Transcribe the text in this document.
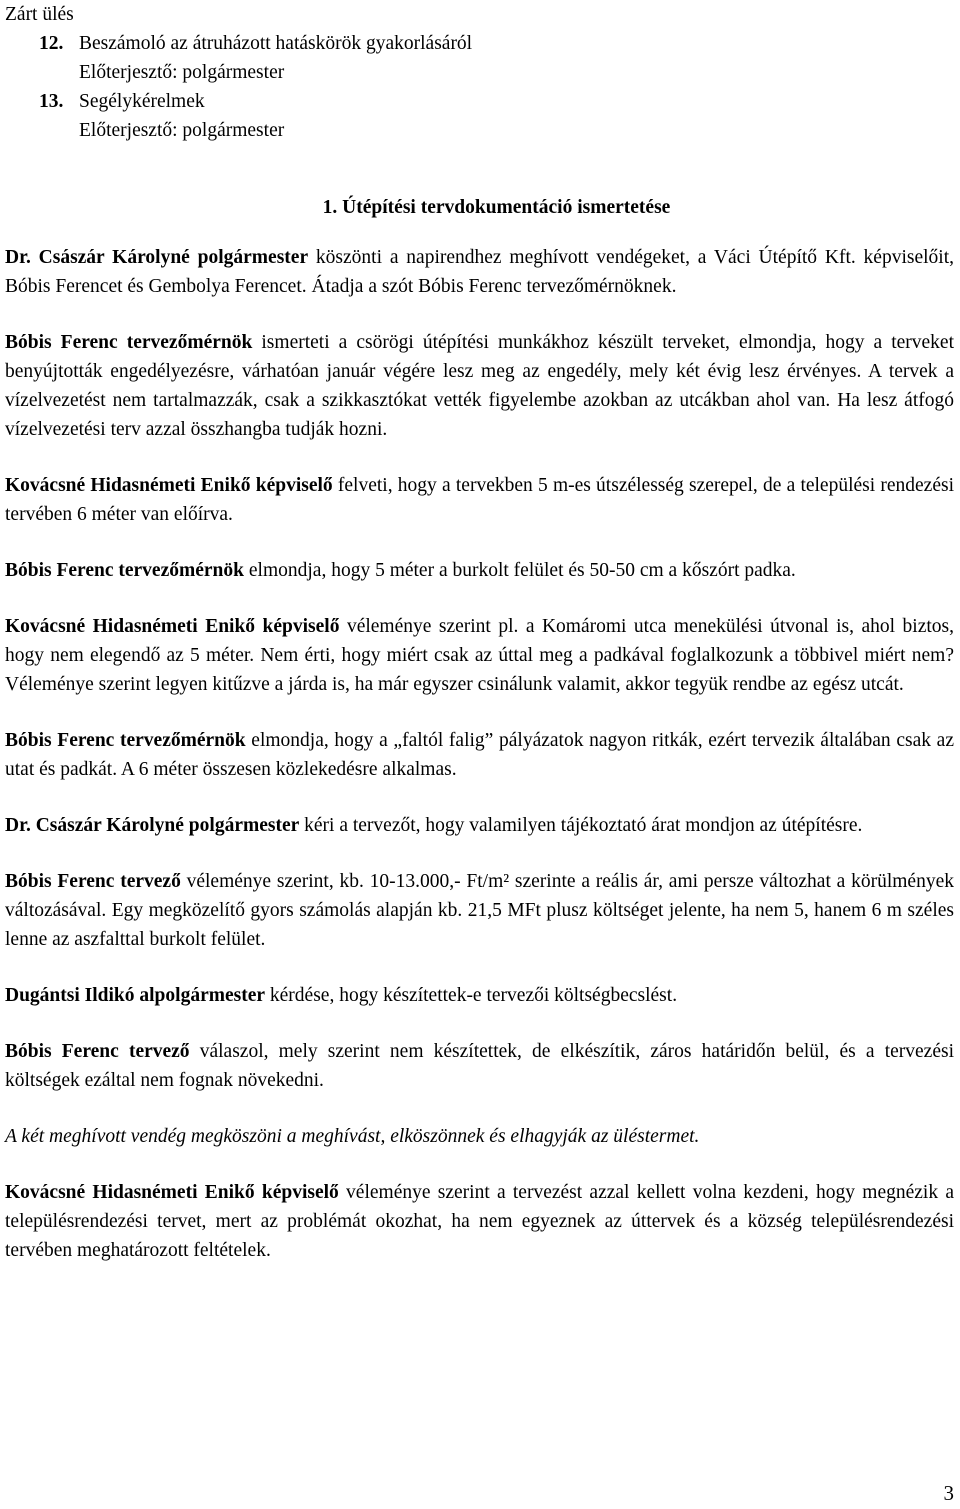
Zárt ülés

12. Beszámoló az átruházott hatáskörök gyakorlásáról

Előterjesztő: polgármester

13. Segélykérelmek

Előterjesztő: polgármester

1. Útépítési tervdokumentáció ismertetése

Dr. Császár Károlyné polgármester köszönti a napirendhez meghívott vendégeket, a Váci Útépítő Kft. képviselőit, Bóbis Ferencet és Gembolya Ferencet. Átadja a szót Bóbis Ferenc tervezőmérnöknek.

Bóbis Ferenc tervezőmérnök ismerteti a csörögi útépítési munkákhoz készült terveket, elmondja, hogy a terveket benyújtották engedélyezésre, várhatóan január végére lesz meg az engedély, mely két évig lesz érvényes. A tervek a vízelvezetést nem tartalmazzák, csak a szikkasztókat vették figyelembe azokban az utcákban ahol van. Ha lesz átfogó vízelvezetési terv azzal összhangba tudják hozni.

Kovácsné Hidasnémeti Enikő képviselő felveti, hogy a tervekben 5 m-es útszélesség szerepel, de a települési rendezési tervében 6 méter van előírva.

Bóbis Ferenc tervezőmérnök elmondja, hogy 5 méter a burkolt felület és 50-50 cm a kőszórt padka.

Kovácsné Hidasnémeti Enikő képviselő véleménye szerint pl. a Komáromi utca menekülési útvonal is, ahol biztos, hogy nem elegendő az 5 méter. Nem érti, hogy miért csak az úttal meg a padkával foglalkozunk a többivel miért nem? Véleménye szerint legyen kitűzve a járda is, ha már egyszer csinálunk valamit, akkor tegyük rendbe az egész utcát.

Bóbis Ferenc tervezőmérnök elmondja, hogy a „faltól falig” pályázatok nagyon ritkák, ezért tervezik általában csak az utat és padkát. A 6 méter összesen közlekedésre alkalmas.

Dr. Császár Károlyné polgármester kéri a tervezőt, hogy valamilyen tájékoztató árat mondjon az útépítésre.

Bóbis Ferenc tervező véleménye szerint, kb. 10-13.000,- Ft/m² szerinte a reális ár, ami persze változhat a körülmények változásával. Egy megközelítő gyors számolás alapján kb. 21,5 MFt plusz költséget jelente, ha nem 5, hanem 6 m széles lenne az aszfalttal burkolt felület.

Dugántsi Ildikó alpolgármester kérdése, hogy készítettek-e tervezői költségbecslést.

Bóbis Ferenc tervező válaszol, mely szerint nem készítettek, de elkészítik, záros határidőn belül, és a tervezési költségek ezáltal nem fognak növekedni.

A két meghívott vendég megköszöni a meghívást, elköszönnek és elhagyják az üléstermet.

Kovácsné Hidasnémeti Enikő képviselő véleménye szerint a tervezést azzal kellett volna kezdeni, hogy megnézik a településrendezési tervet, mert az problémát okozhat, ha nem egyeznek az úttervek és a község településrendezési tervében meghatározott feltételek.

3
